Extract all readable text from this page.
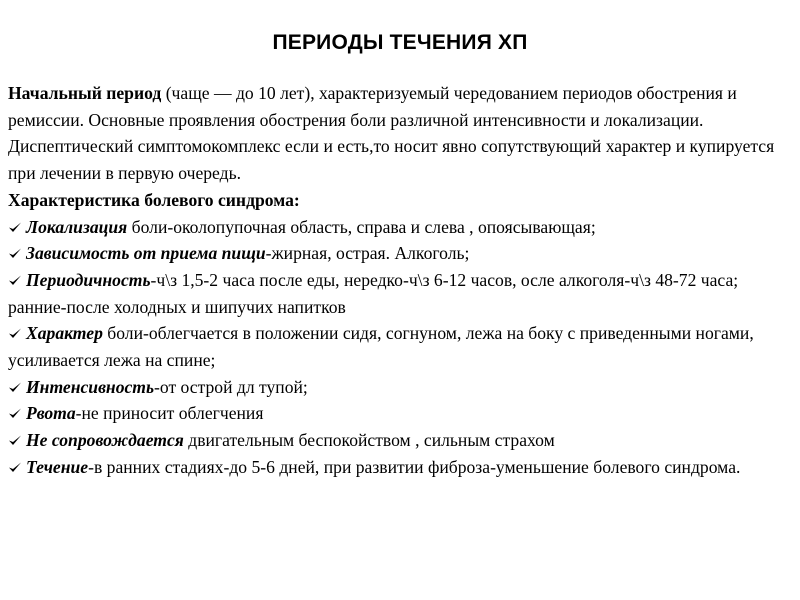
ПЕРИОДЫ ТЕЧЕНИЯ ХП

Начальный период (чаще — до 10 лет), характеризуемый чередованием периодов обострения и ремиссии. Основные проявления обострения боли различной интенсивности и локализации. Диспептический симптомокомплекс если и есть,то носит явно сопутствующий характер и купируется при лечении в первую очередь.

Характеристика болевого синдрома:

Локализация боли-околопупочная область, справа и слева , опоясывающая;
Зависимость от приема пищи-жирная, острая. Алкоголь;
Периодичность-ч\з 1,5-2 часа после еды, нередко-ч\з 6-12 часов, осле алкоголя-ч\з 48-72 часа; ранние-после холодных и шипучих напитков
Характер боли-облегчается в положении сидя, согнуном, лежа на боку с приведенными ногами, усиливается лежа на спине;
Интенсивность-от острой дл тупой;
Рвота-не приносит облегчения
Не сопровождается двигательным беспокойством , сильным страхом
Течение-в ранних стадиях-до 5-6 дней, при развитии фиброза-уменьшение болевого синдрома.
